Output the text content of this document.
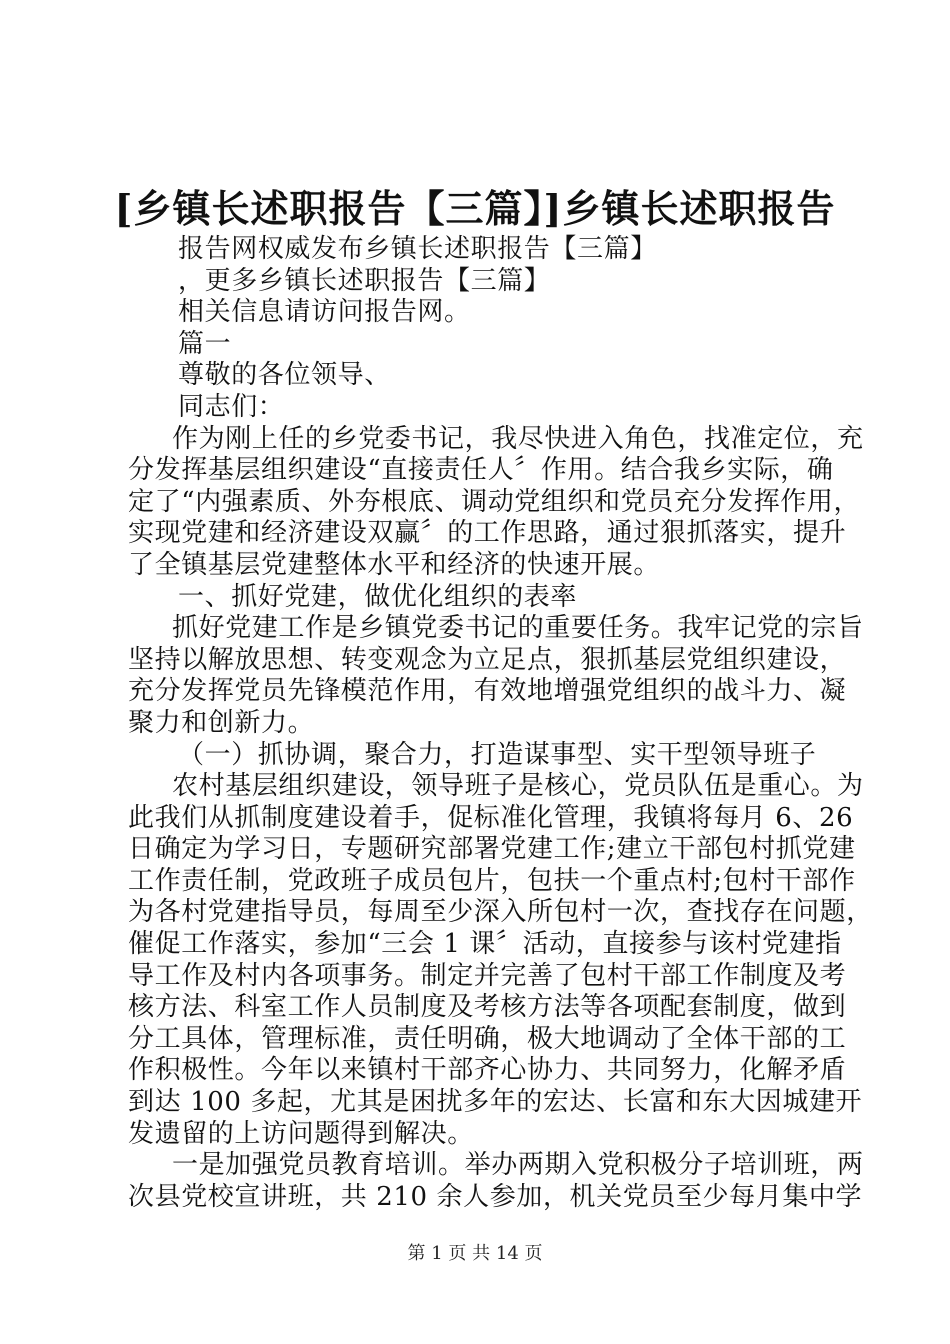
[乡镇长述职报告【三篇】]乡镇长述职报告
报告网权威发布乡镇长述职报告【三篇】
，更多乡镇长述职报告【三篇】
相关信息请访问报告网。
篇一
尊敬的各位领导、
同志们：
作为刚上任的乡党委书记，我尽快进入角色，找准定位，充
分发挥基层组织建设“直接责任人〞作用。结合我乡实际，确
定了“内强素质、外夯根底、调动党组织和党员充分发挥作用，
实现党建和经济建设双赢〞的工作思路，通过狠抓落实，提升
了全镇基层党建整体水平和经济的快速开展。
一、抓好党建，做优化组织的表率
抓好党建工作是乡镇党委书记的重要任务。我牢记党的宗旨
坚持以解放思想、转变观念为立足点，狠抓基层党组织建设，
充分发挥党员先锋模范作用，有效地增强党组织的战斗力、凝
聚力和创新力。
（一）抓协调，聚合力，打造谋事型、实干型领导班子
农村基层组织建设，领导班子是核心，党员队伍是重心。为
此我们从抓制度建设着手，促标准化管理，我镇将每月 6、26
日确定为学习日，专题研究部署党建工作;建立干部包村抓党建
工作责任制，党政班子成员包片，包扶一个重点村;包村干部作
为各村党建指导员，每周至少深入所包村一次，查找存在问题，
催促工作落实，参加“三会 1 课〞活动，直接参与该村党建指
导工作及村内各项事务。制定并完善了包村干部工作制度及考
核方法、科室工作人员制度及考核方法等各项配套制度，做到
分工具体，管理标准，责任明确，极大地调动了全体干部的工
作积极性。今年以来镇村干部齐心协力、共同努力，化解矛盾
到达 100 多起，尤其是困扰多年的宏达、长富和东大因城建开
发遗留的上访问题得到解决。
一是加强党员教育培训。举办两期入党积极分子培训班，两
次县党校宣讲班，共 210 余人参加，机关党员至少每月集中学
第 1 页 共 14 页
